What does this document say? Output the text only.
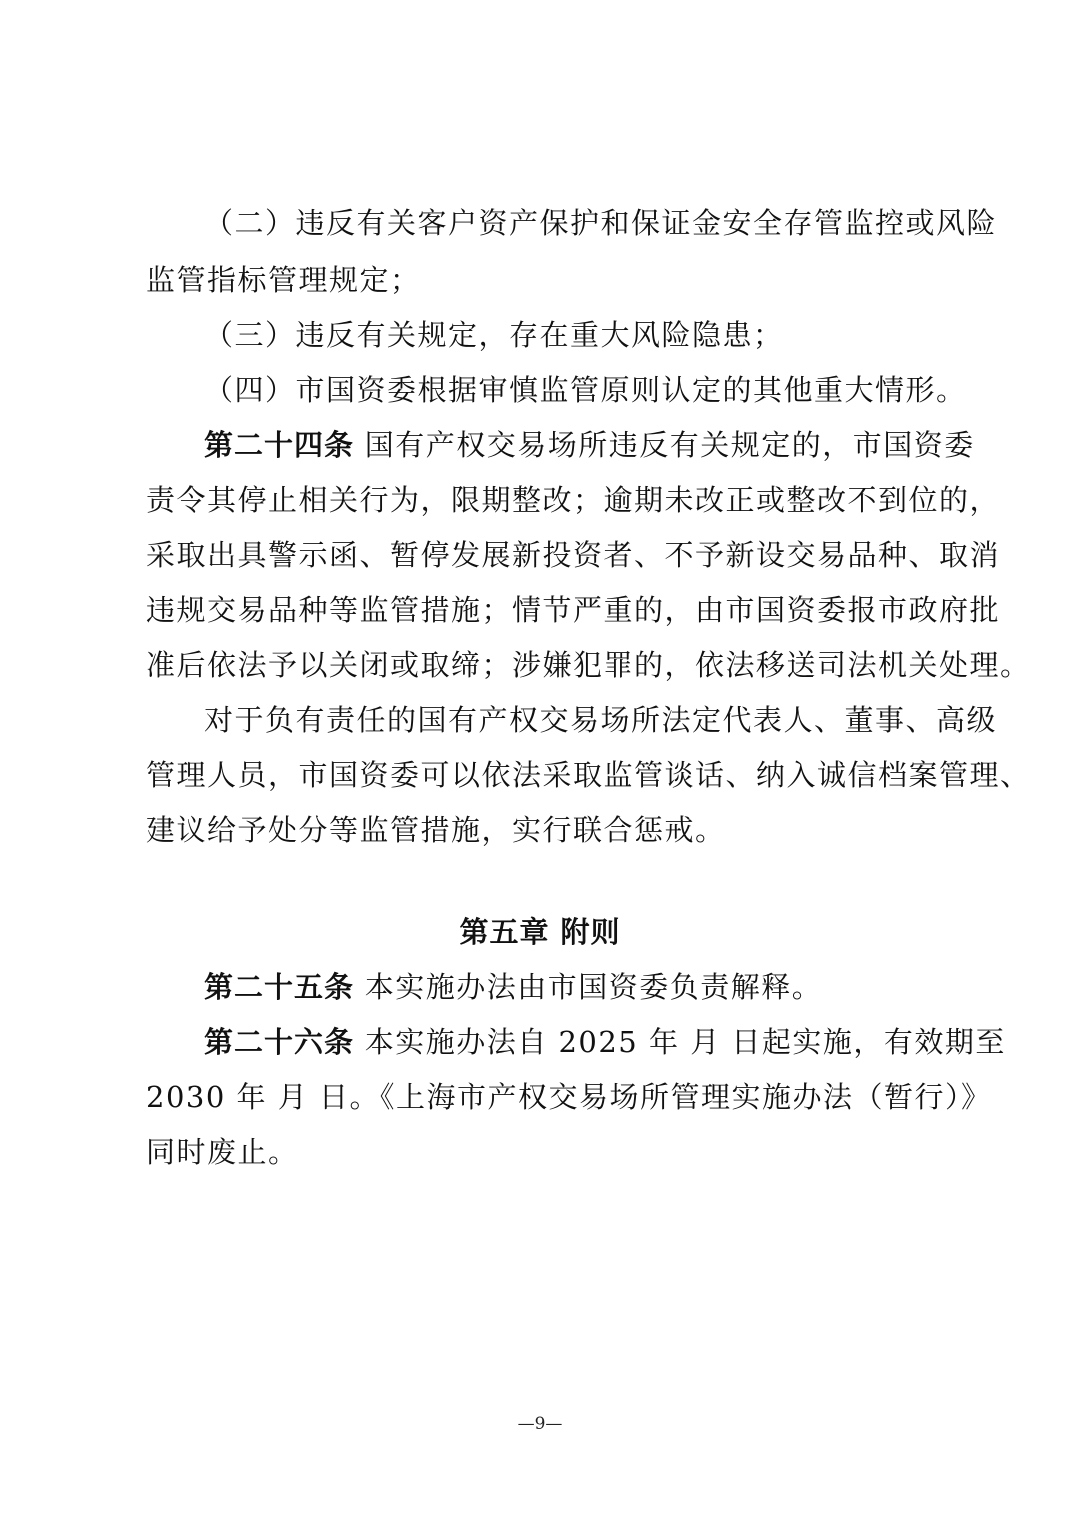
（二）违反有关客户资产保护和保证金安全存管监控或风险
监管指标管理规定；
（三）违反有关规定，存在重大风险隐患；
（四）市国资委根据审慎监管原则认定的其他重大情形。
第二十四条 国有产权交易场所违反有关规定的，市国资委
责令其停止相关行为，限期整改；逾期未改正或整改不到位的，
采取出具警示函、暂停发展新投资者、不予新设交易品种、取消
违规交易品种等监管措施；情节严重的，由市国资委报市政府批
准后依法予以关闭或取缔；涉嫌犯罪的，依法移送司法机关处理。
对于负有责任的国有产权交易场所法定代表人、董事、高级
管理人员，市国资委可以依法采取监管谈话、纳入诚信档案管理、
建议给予处分等监管措施，实行联合惩戒。
第五章 附则
第二十五条 本实施办法由市国资委负责解释。
第二十六条 本实施办法自 2025 年 月 日起实施，有效期至
2030 年 月 日。《上海市产权交易场所管理实施办法（暂行）》
同时废止。
—9—
